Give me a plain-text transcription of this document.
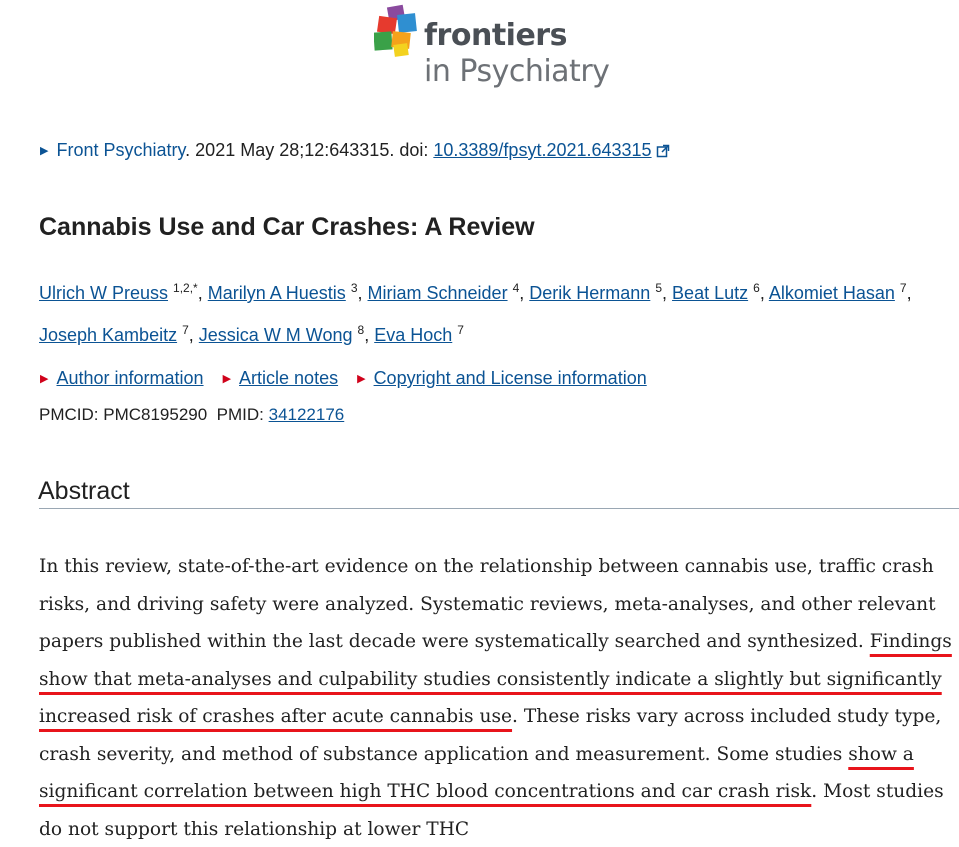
frontiers
in Psychiatry
▶ Front Psychiatry. 2021 May 28;12:643315. doi: 10.3389/fpsyt.2021.643315
Cannabis Use and Car Crashes: A Review
Ulrich W Preuss $^{1,2,*}$, Marilyn A Huestis $^3$, Miriam Schneider $^4$, Derik Hermann $^5$, Beat Lutz $^6$, Alkomiet Hasan $^7$, Joseph Kambeitz $^7$, Jessica W M Wong $^8$, Eva Hoch $^7$
▶ Author information ▶ Article notes ▶ Copyright and License information
PMCID: PMC8195290 PMID: 34122176
Abstract

In this review, state-of-the-art evidence on the relationship between cannabis use, traffic crash risks, and driving safety were analyzed. Systematic reviews, meta-analyses, and other relevant papers published within the last decade were systematically searched and synthesized. Findings show that meta-analyses and culpability studies consistently indicate a slightly but significantly increased risk of crashes after acute cannabis use. These risks vary across included study type, crash severity, and method of substance application and measurement. Some studies show a significant correlation between high THC blood concentrations and car crash risk. Most studies do not support this relationship at lower THC
